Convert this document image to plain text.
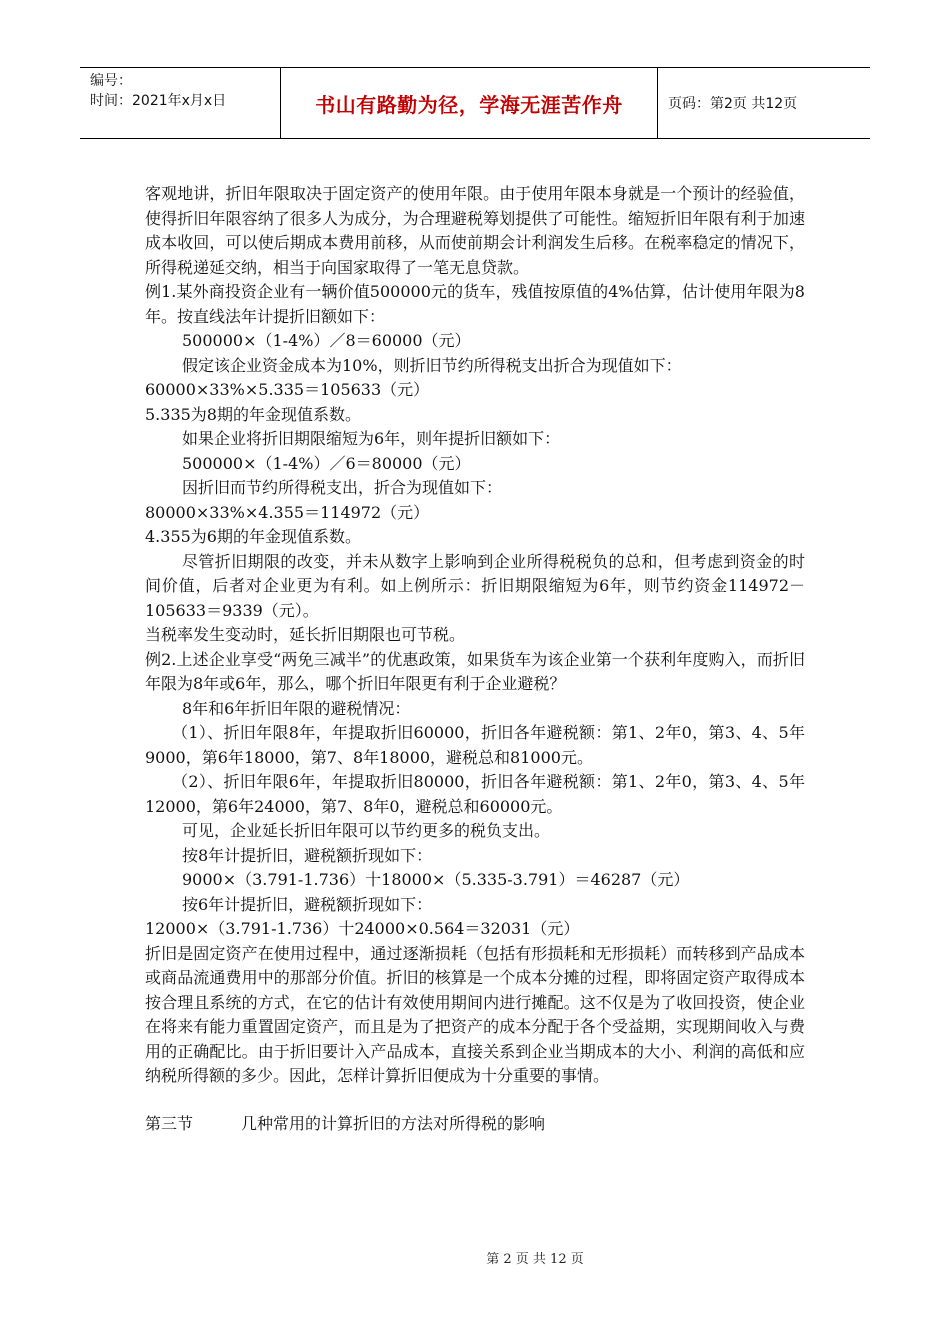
编号：
时间：2021年x月x日	书山有路勤为径，学海无涯苦作舟	页码：第2页 共12页

客观地讲，折旧年限取决于固定资产的使用年限。由于使用年限本身就是一个预计的经验值，使得折旧年限容纳了很多人为成分，为合理避税筹划提供了可能性。缩短折旧年限有利于加速成本收回，可以使后期成本费用前移，从而使前期会计利润发生后移。在税率稳定的情况下，所得税递延交纳，相当于向国家取得了一笔无息贷款。

例1.某外商投资企业有一辆价值500000元的货车，残值按原值的4%估算，估计使用年限为8年。按直线法年计提折旧额如下：

500000×（1-4%）／8＝60000（元）

假定该企业资金成本为10%，则折旧节约所得税支出折合为现值如下：

60000×33%×5.335＝105633（元）

5.335为8期的年金现值系数。

如果企业将折旧期限缩短为6年，则年提折旧额如下：

500000×（1-4%）／6＝80000（元）

因折旧而节约所得税支出，折合为现值如下：

80000×33%×4.355＝114972（元）

4.355为6期的年金现值系数。

尽管折旧期限的改变，并未从数字上影响到企业所得税税负的总和，但考虑到资金的时间价值，后者对企业更为有利。如上例所示：折旧期限缩短为6年，则节约资金114972－105633＝9339（元）。

当税率发生变动时，延长折旧期限也可节税。

例2.上述企业享受“两免三减半”的优惠政策，如果货车为该企业第一个获利年度购入，而折旧年限为8年或6年，那么，哪个折旧年限更有利于企业避税？

8年和6年折旧年限的避税情况：

（1）、折旧年限8年，年提取折旧60000，折旧各年避税额：第1、2年0，第3、4、5年9000，第6年18000，第7、8年18000，避税总和81000元。

（2）、折旧年限6年，年提取折旧80000，折旧各年避税额：第1、2年0，第3、4、5年12000，第6年24000，第7、8年0，避税总和60000元。

可见，企业延长折旧年限可以节约更多的税负支出。

按8年计提折旧，避税额折现如下：

9000×（3.791-1.736）十18000×（5.335-3.791）＝46287（元）

按6年计提折旧，避税额折现如下：

12000×（3.791-1.736）十24000×0.564＝32031（元）

折旧是固定资产在使用过程中，通过逐渐损耗（包括有形损耗和无形损耗）而转移到产品成本或商品流通费用中的那部分价值。折旧的核算是一个成本分摊的过程，即将固定资产取得成本按合理且系统的方式，在它的估计有效使用期间内进行摊配。这不仅是为了收回投资，使企业在将来有能力重置固定资产，而且是为了把资产的成本分配于各个受益期，实现期间收入与费用的正确配比。由于折旧要计入产品成本，直接关系到企业当期成本的大小、利润的高低和应纳税所得额的多少。因此，怎样计算折旧便成为十分重要的事情。

第三节	几种常用的计算折旧的方法对所得税的影响
第 2 页 共 12 页
